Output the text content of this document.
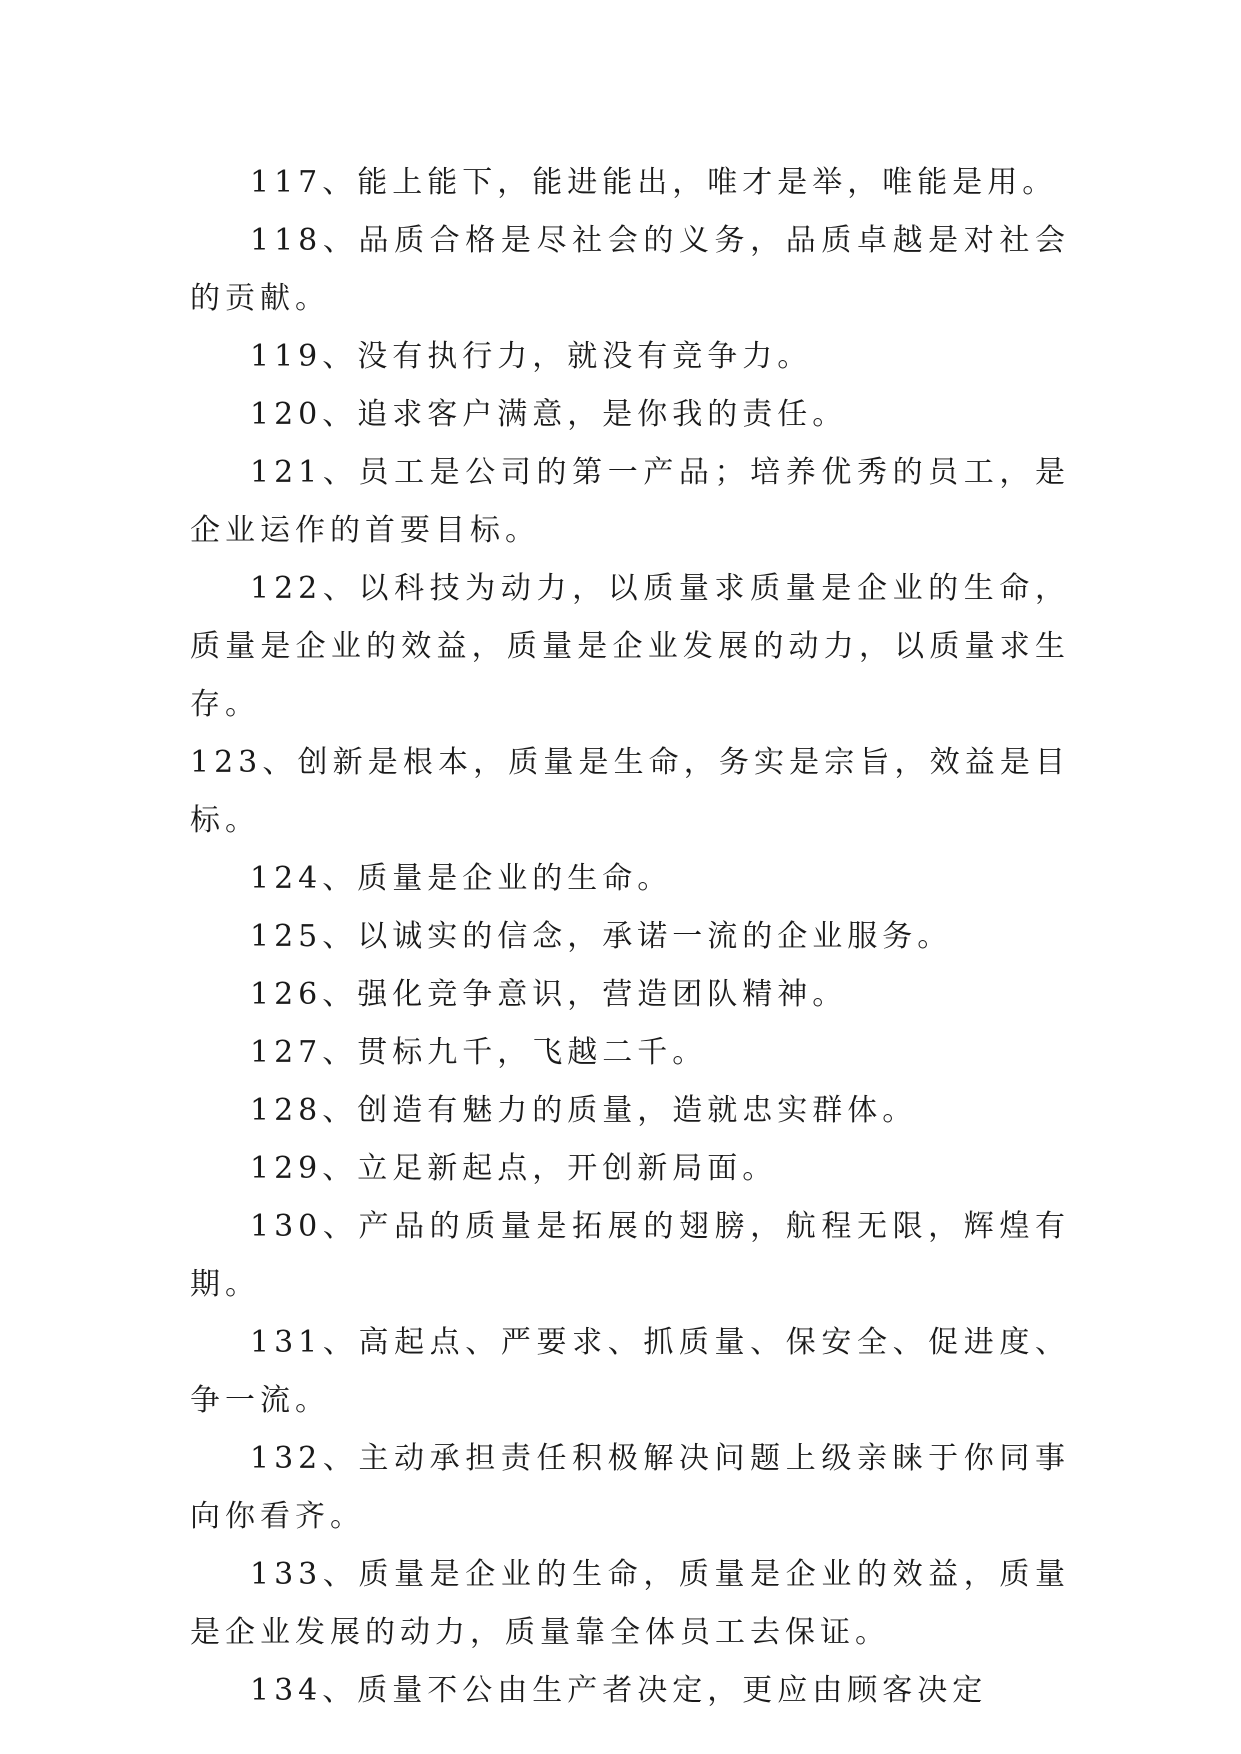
117、能上能下，能进能出，唯才是举，唯能是用。

118、品质合格是尽社会的义务，品质卓越是对社会的贡献。

119、没有执行力，就没有竞争力。

120、追求客户满意，是你我的责任。

121、员工是公司的第一产品；培养优秀的员工，是企业运作的首要目标。

122、以科技为动力，以质量求质量是企业的生命，质量是企业的效益，质量是企业发展的动力，以质量求生存。

123、创新是根本，质量是生命，务实是宗旨，效益是目标。

124、质量是企业的生命。

125、以诚实的信念，承诺一流的企业服务。

126、强化竞争意识，营造团队精神。

127、贯标九千，飞越二千。

128、创造有魅力的质量，造就忠实群体。

129、立足新起点，开创新局面。

130、产品的质量是拓展的翅膀，航程无限，辉煌有期。

131、高起点、严要求、抓质量、保安全、促进度、争一流。

132、主动承担责任积极解决问题上级亲睐于你同事向你看齐。

133、质量是企业的生命，质量是企业的效益，质量是企业发展的动力，质量靠全体员工去保证。

134、质量不公由生产者决定，更应由顾客决定
